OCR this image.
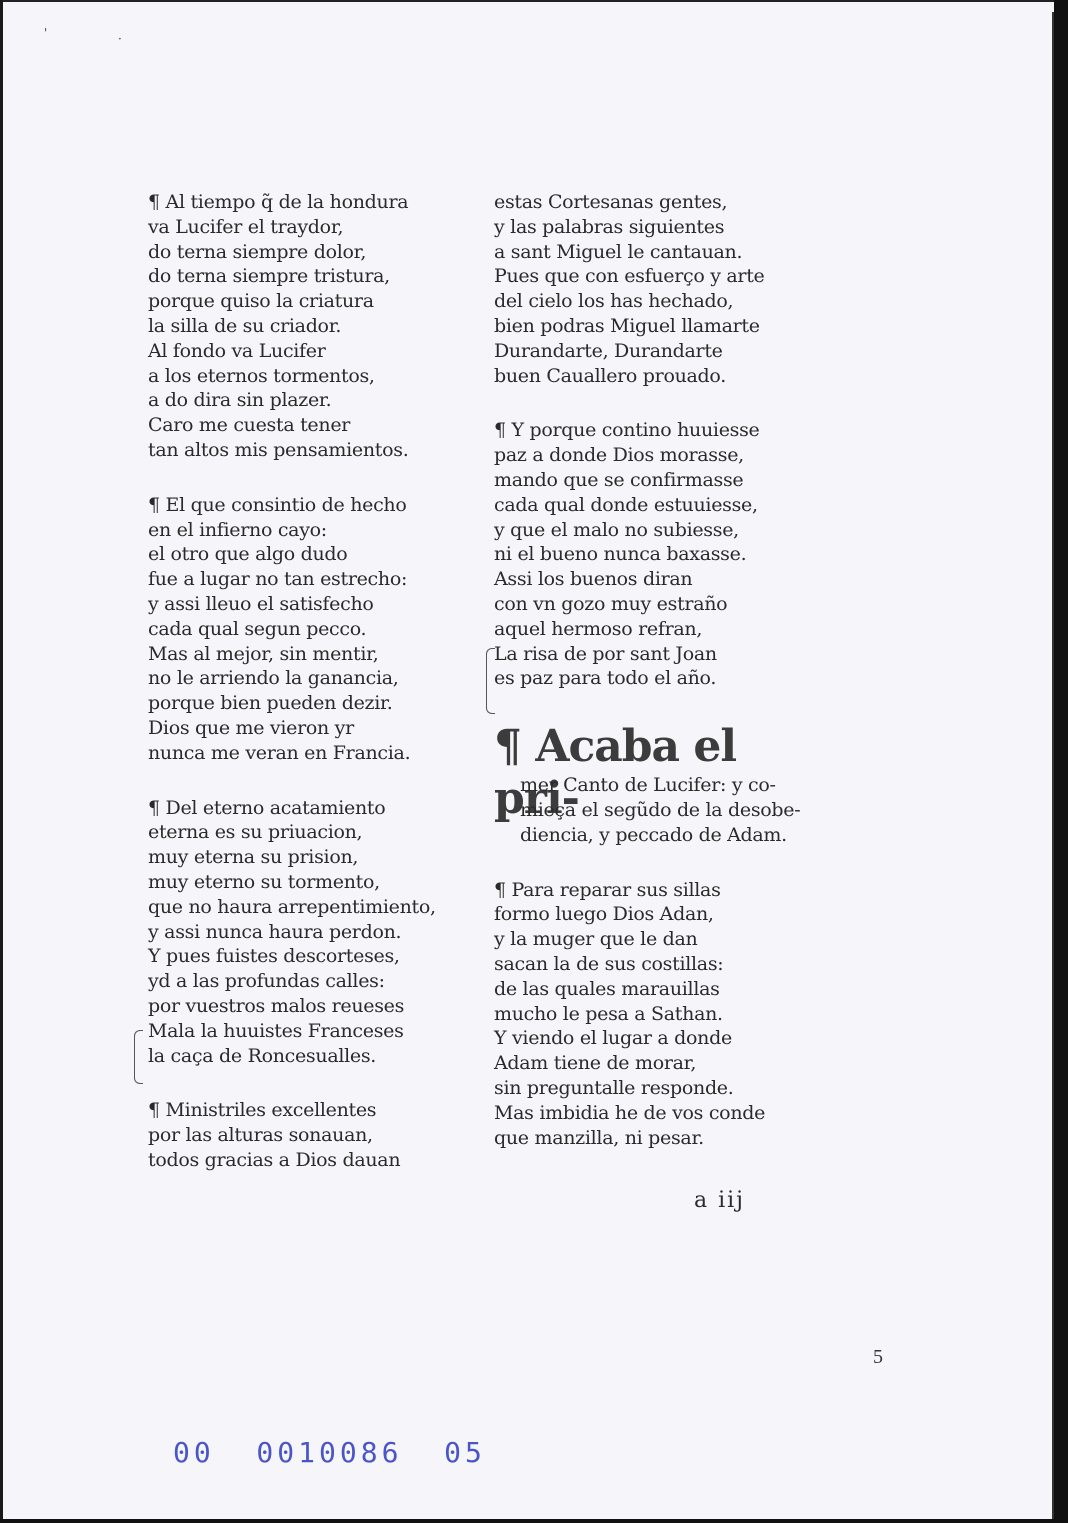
'	·
¶ Al tiempo q̃ de la hondura
va Lucifer el traydor,
do terna siempre dolor,
do terna siempre tristura,
porque quiso la criatura
la silla de su criador.
Al fondo va Lucifer
a los eternos tormentos,
a do dira sin plazer.
Caro me cuesta tener
tan altos mis pensamientos.
¶ El que consintio de hecho
en el infierno cayo:
el otro que algo dudo
fue a lugar no tan estrecho:
y assi lleuo el satisfecho
cada qual segun pecco.
Mas al mejor, sin mentir,
no le arriendo la ganancia,
porque bien pueden dezir.
Dios que me vieron yr
nunca me veran en Francia.
¶ Del eterno acatamiento
eterna es su priuacion,
muy eterna su prision,
muy eterno su tormento,
que no haura arrepentimiento,
y assi nunca haura perdon.
Y pues fuistes descorteses,
yd a las profundas calles:
por vuestros malos reueses
Mala la huuistes Franceses
la caça de Roncesualles.
¶ Ministriles excellentes
por las alturas sonauan,
todos gracias a Dios dauan
estas Cortesanas gentes,
y las palabras siguientes
a sant Miguel le cantauan.
Pues que con esfuerço y arte
del cielo los has hechado,
bien podras Miguel llamarte
Durandarte, Durandarte
buen Cauallero prouado.
¶ Y porque contino huuiesse
paz a donde Dios morasse,
mando que se confirmasse
cada qual donde estuuiesse,
y que el malo no subiesse,
ni el bueno nunca baxasse.
Assi los buenos diran
con vn gozo muy estraño
aquel hermoso refran,
La risa de por sant Joan
es paz para todo el año.
¶ Acaba el pri-
mer Canto de Lucifer: y co-
mieça el segũdo de la desobe-
diencia, y peccado de Adam.
¶ Para reparar sus sillas
formo luego Dios Adan,
y la muger que le dan
sacan la de sus costillas:
de las quales marauillas
mucho le pesa a Sathan.
Y viendo el lugar a donde
Adam tiene de morar,
sin preguntalle responde.
Mas imbidia he de vos conde
que manzilla, ni pesar.
a iij
5
00  0010086  05
